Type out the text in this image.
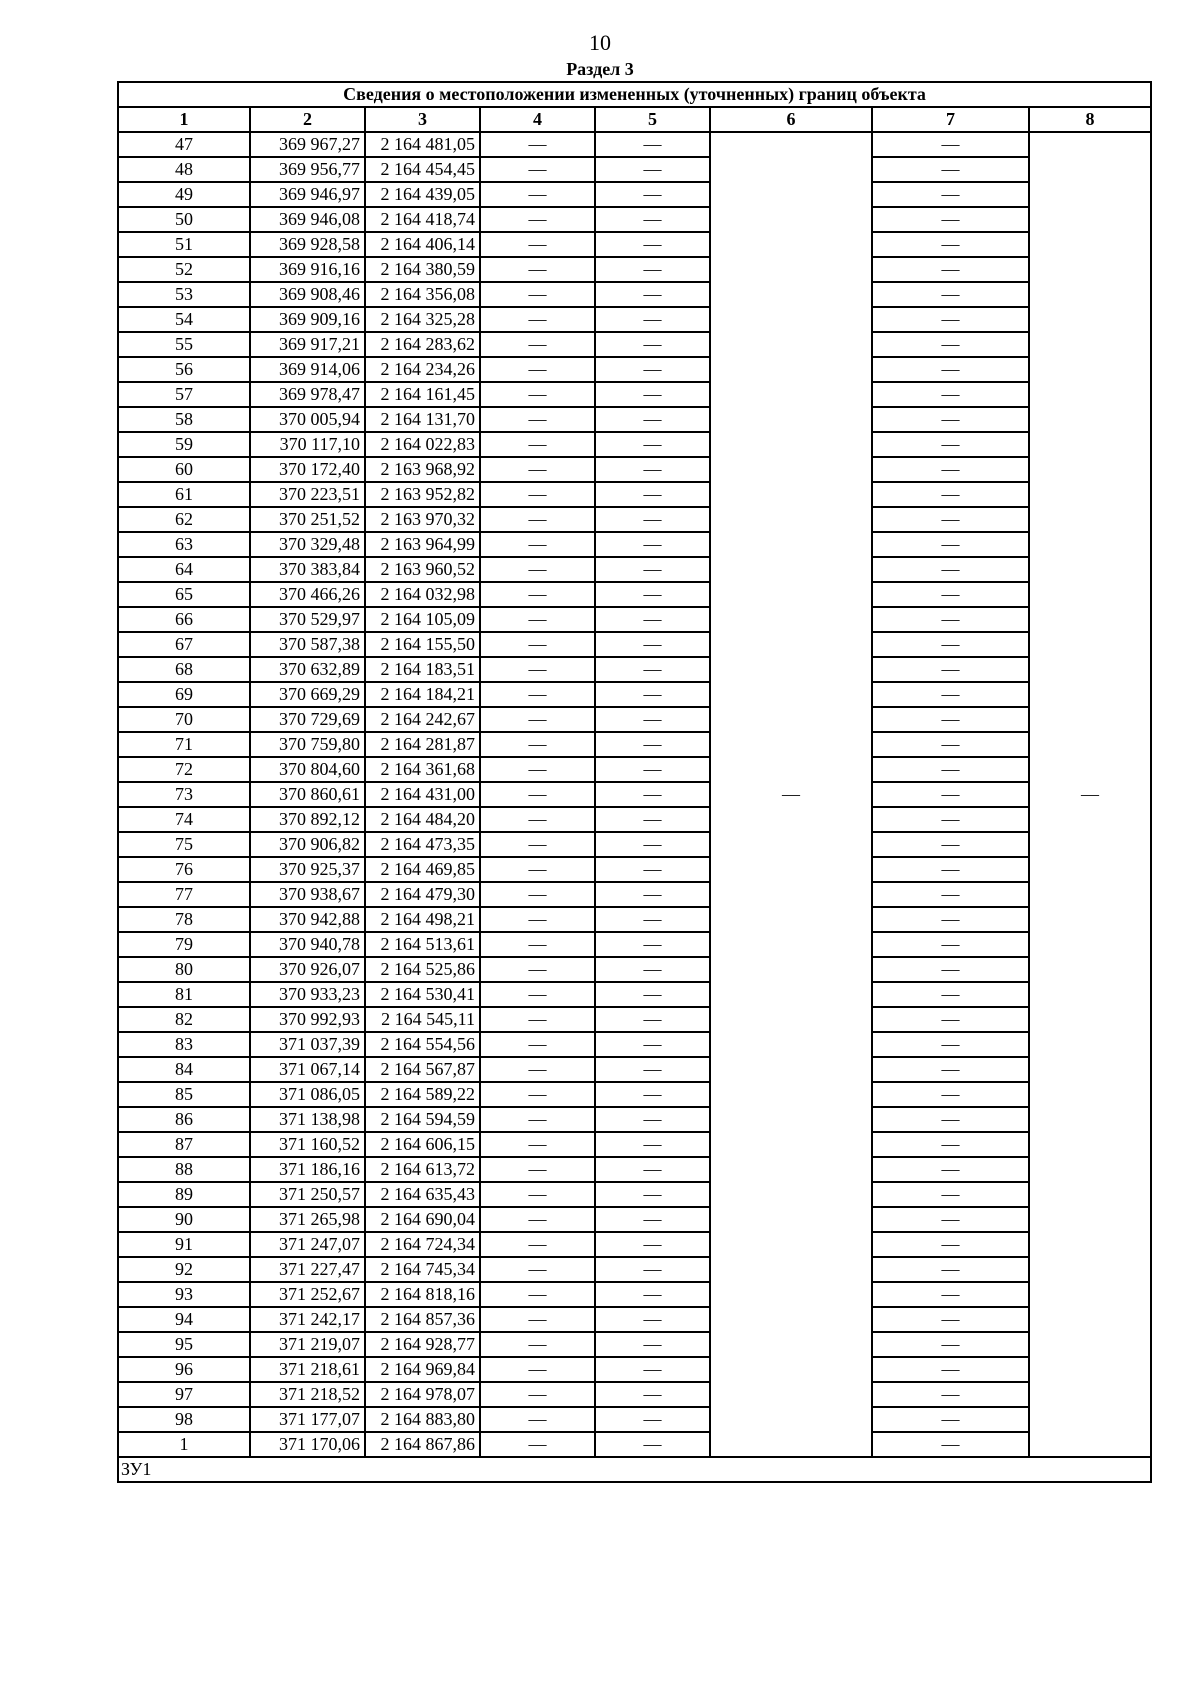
10
Раздел 3
Сведения о местоположении измененных (уточненных) границ объекта							
1	2	3	4	5	6	7	8
47	369 967,27	2 164 481,05	—	—	—	—	—
48	369 956,77	2 164 454,45	—	—		—	
49	369 946,97	2 164 439,05	—	—		—	
50	369 946,08	2 164 418,74	—	—		—	
51	369 928,58	2 164 406,14	—	—		—	
52	369 916,16	2 164 380,59	—	—		—	
53	369 908,46	2 164 356,08	—	—		—	
54	369 909,16	2 164 325,28	—	—		—	
55	369 917,21	2 164 283,62	—	—		—	
56	369 914,06	2 164 234,26	—	—		—	
57	369 978,47	2 164 161,45	—	—		—	
58	370 005,94	2 164 131,70	—	—		—	
59	370 117,10	2 164 022,83	—	—		—	
60	370 172,40	2 163 968,92	—	—		—	
61	370 223,51	2 163 952,82	—	—		—	
62	370 251,52	2 163 970,32	—	—		—	
63	370 329,48	2 163 964,99	—	—		—	
64	370 383,84	2 163 960,52	—	—		—	
65	370 466,26	2 164 032,98	—	—		—	
66	370 529,97	2 164 105,09	—	—		—	
67	370 587,38	2 164 155,50	—	—		—	
68	370 632,89	2 164 183,51	—	—		—	
69	370 669,29	2 164 184,21	—	—		—	
70	370 729,69	2 164 242,67	—	—		—	
71	370 759,80	2 164 281,87	—	—		—	
72	370 804,60	2 164 361,68	—	—		—	
73	370 860,61	2 164 431,00	—	—		—	
74	370 892,12	2 164 484,20	—	—		—	
75	370 906,82	2 164 473,35	—	—		—	
76	370 925,37	2 164 469,85	—	—		—	
77	370 938,67	2 164 479,30	—	—		—	
78	370 942,88	2 164 498,21	—	—		—	
79	370 940,78	2 164 513,61	—	—		—	
80	370 926,07	2 164 525,86	—	—		—	
81	370 933,23	2 164 530,41	—	—		—	
82	370 992,93	2 164 545,11	—	—		—	
83	371 037,39	2 164 554,56	—	—		—	
84	371 067,14	2 164 567,87	—	—		—	
85	371 086,05	2 164 589,22	—	—		—	
86	371 138,98	2 164 594,59	—	—		—	
87	371 160,52	2 164 606,15	—	—		—	
88	371 186,16	2 164 613,72	—	—		—	
89	371 250,57	2 164 635,43	—	—		—	
90	371 265,98	2 164 690,04	—	—		—	
91	371 247,07	2 164 724,34	—	—		—	
92	371 227,47	2 164 745,34	—	—		—	
93	371 252,67	2 164 818,16	—	—		—	
94	371 242,17	2 164 857,36	—	—		—	
95	371 219,07	2 164 928,77	—	—		—	
96	371 218,61	2 164 969,84	—	—		—	
97	371 218,52	2 164 978,07	—	—		—	
98	371 177,07	2 164 883,80	—	—		—	
1	371 170,06	2 164 867,86	—	—		—	
ЗУ1							
